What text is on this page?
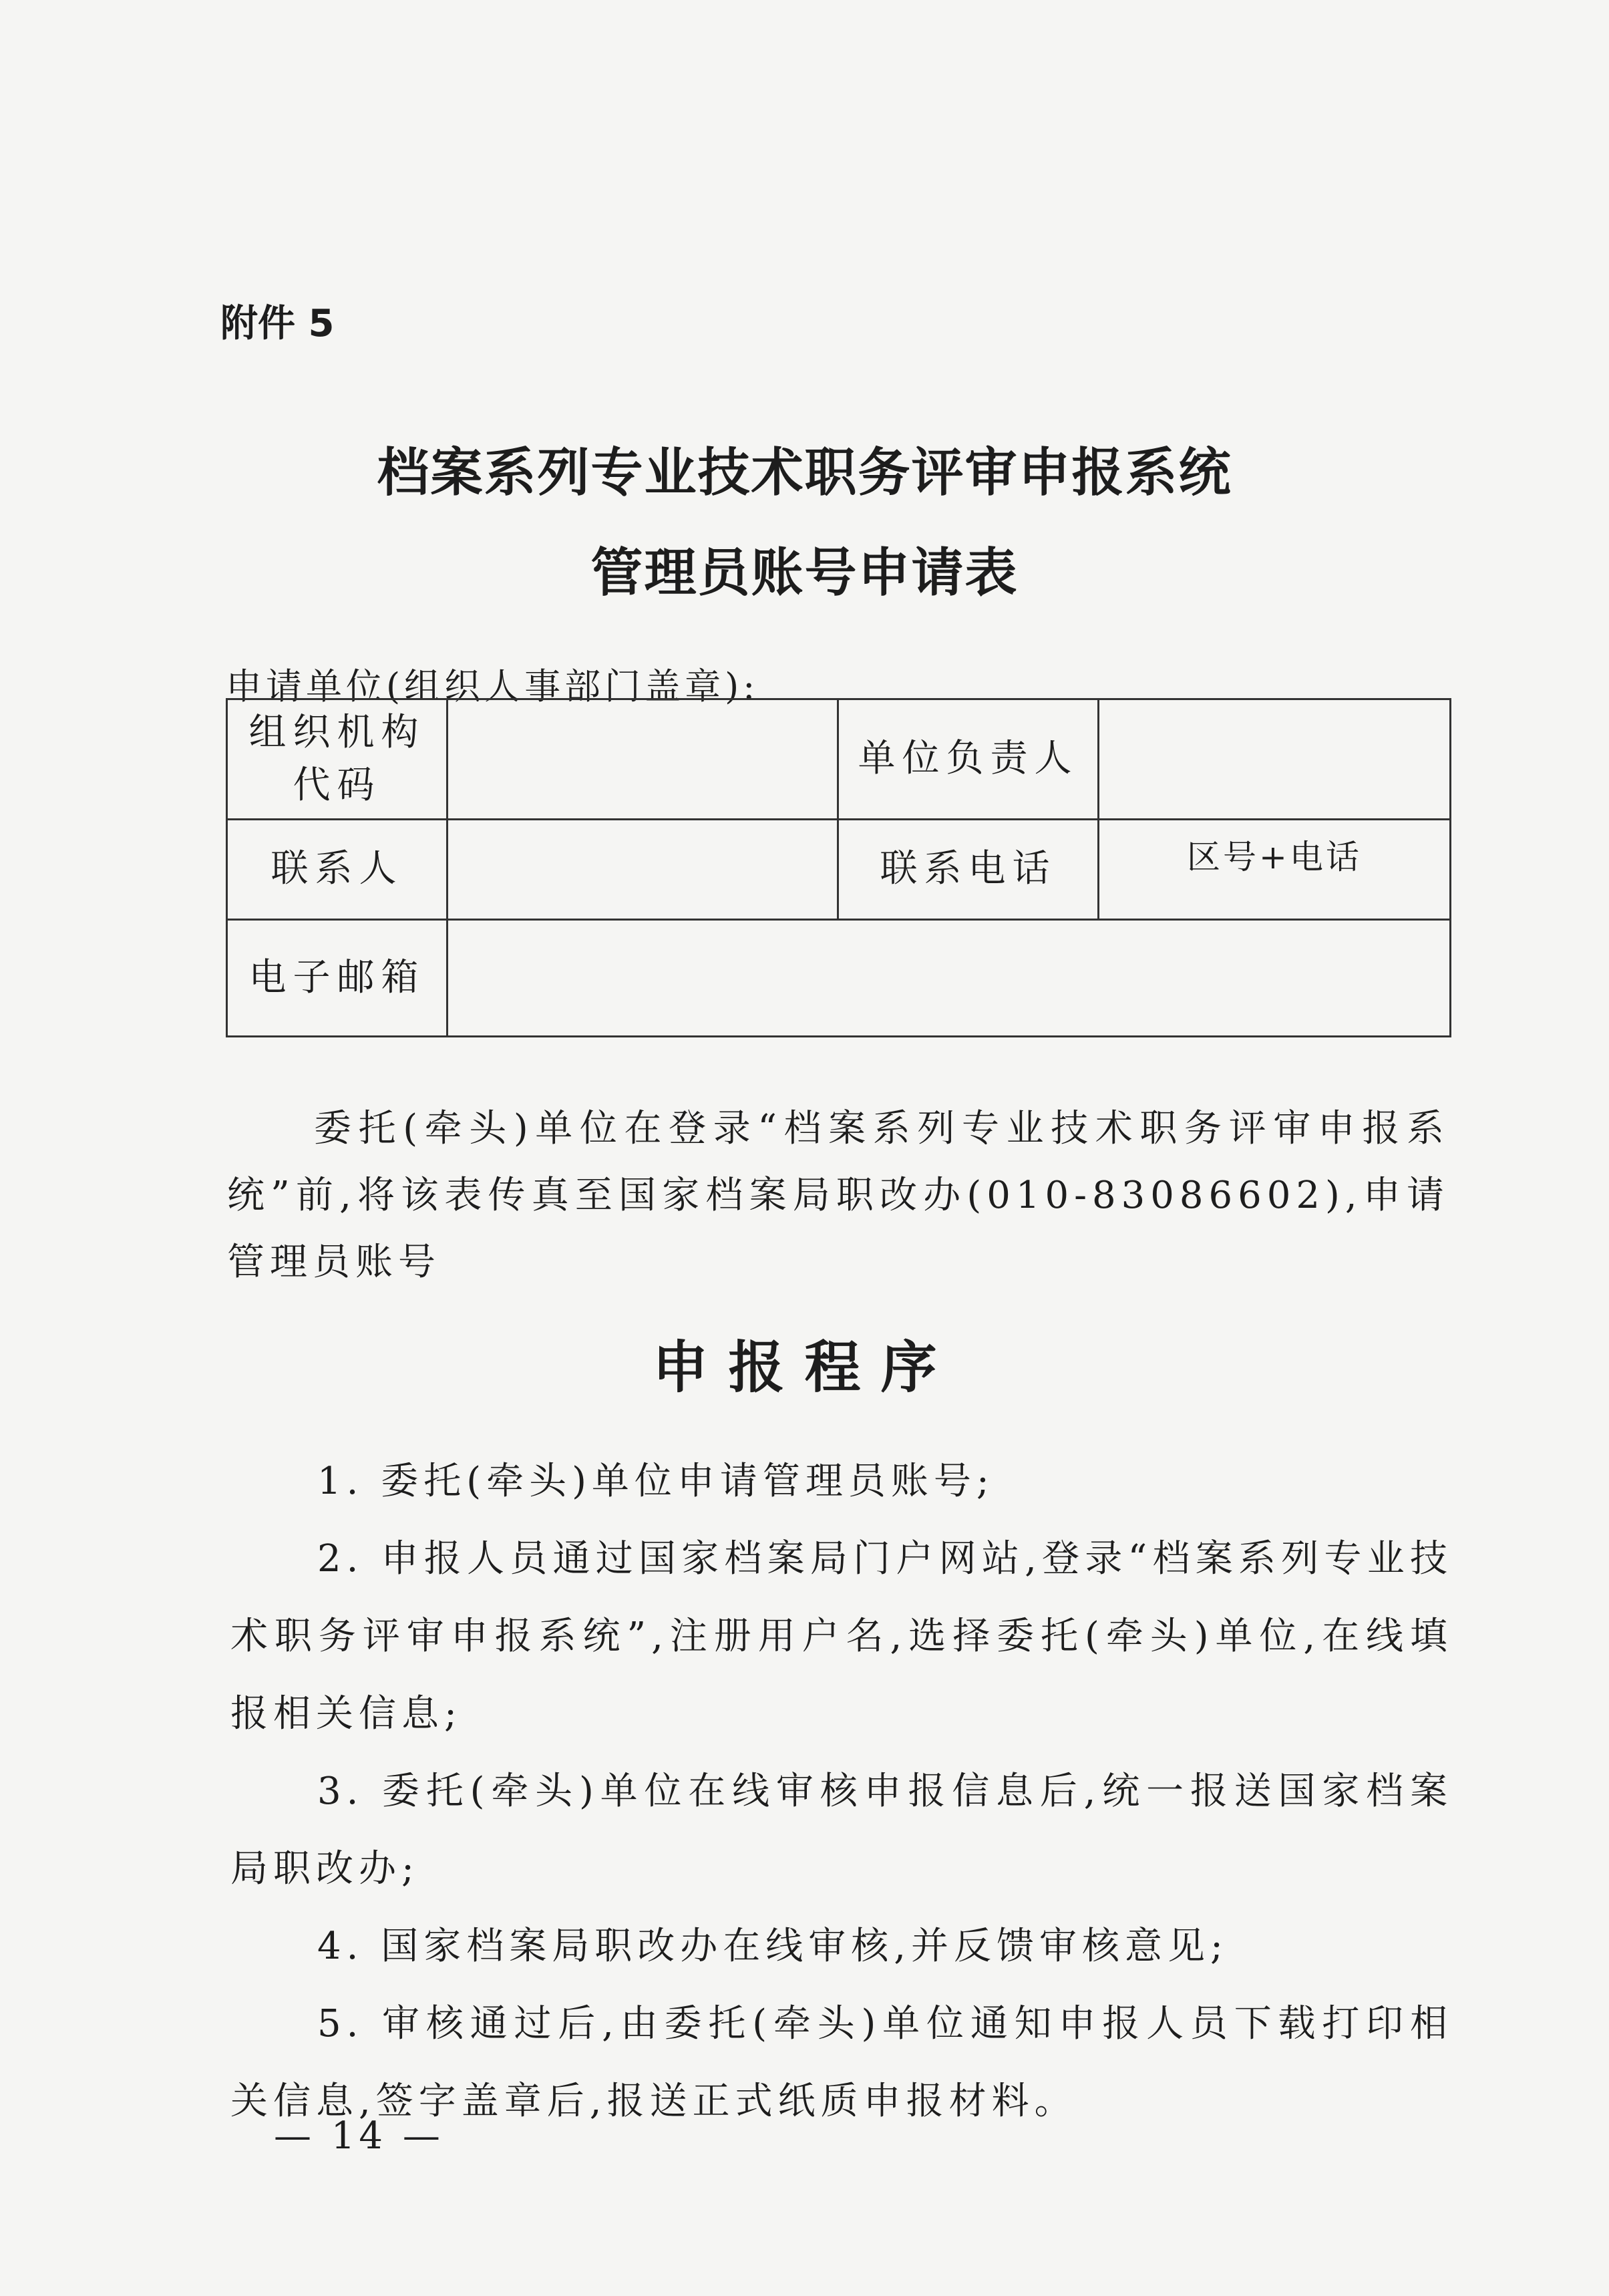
附件 5
档案系列专业技术职务评审申报系统
管理员账号申请表
申请单位(组织人事部门盖章):
组织机构代码		单位负责人	
联系人		联系电话	区号+电话
电子邮箱			
委托(牵头)单位在登录“档案系列专业技术职务评审申报系统”前,将该表传真至国家档案局职改办(010-83086602),申请管理员账号
申报程序

1. 委托(牵头)单位申请管理员账号;

2. 申报人员通过国家档案局门户网站,登录“档案系列专业技术职务评审申报系统”,注册用户名,选择委托(牵头)单位,在线填报相关信息;

3. 委托(牵头)单位在线审核申报信息后,统一报送国家档案局职改办;

4. 国家档案局职改办在线审核,并反馈审核意见;

5. 审核通过后,由委托(牵头)单位通知申报人员下载打印相关信息,签字盖章后,报送正式纸质申报材料。

— 14 —
